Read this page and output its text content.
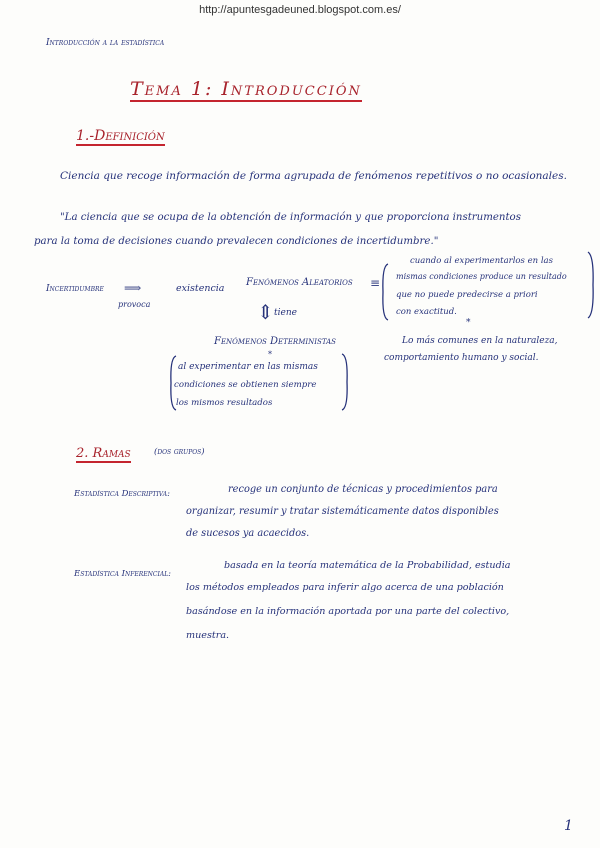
http://apuntesgadeuned.blogspot.com.es/
Introducción a la estadística
Tema 1: Introducción
1.-Definición
Ciencia que recoge información de forma agrupada de fenómenos repetitivos o no ocasionales.
"La ciencia que se ocupa de la obtención de información y que proporciona instrumentos
para la toma de decisiones cuando prevalecen condiciones de incertidumbre."
Incertidumbre
provoca
⟹	existencia
Fenómenos Aleatorios ≡
cuando al experimentarlos en las
mismas condiciones produce un resultado
que no puede predecirse a priori
con exactitud.
*
⇕ tiene
Fenómenos Deterministas
*
al experimentar en las mismas
condiciones se obtienen siempre
los mismos resultados
Lo más comunes en la naturaleza,
comportamiento humano y social.
2. Ramas	(dos grupos)
Estadística Descriptiva:	recoge un conjunto de técnicas y procedimientos para
organizar, resumir y tratar sistemáticamente datos disponibles
de sucesos ya acaecidos.
Estadística Inferencial:
basada en la teoría matemática de la Probabilidad, estudia
los métodos empleados para inferir algo acerca de una población
basándose en la información aportada por una parte del colectivo,
muestra.
1
